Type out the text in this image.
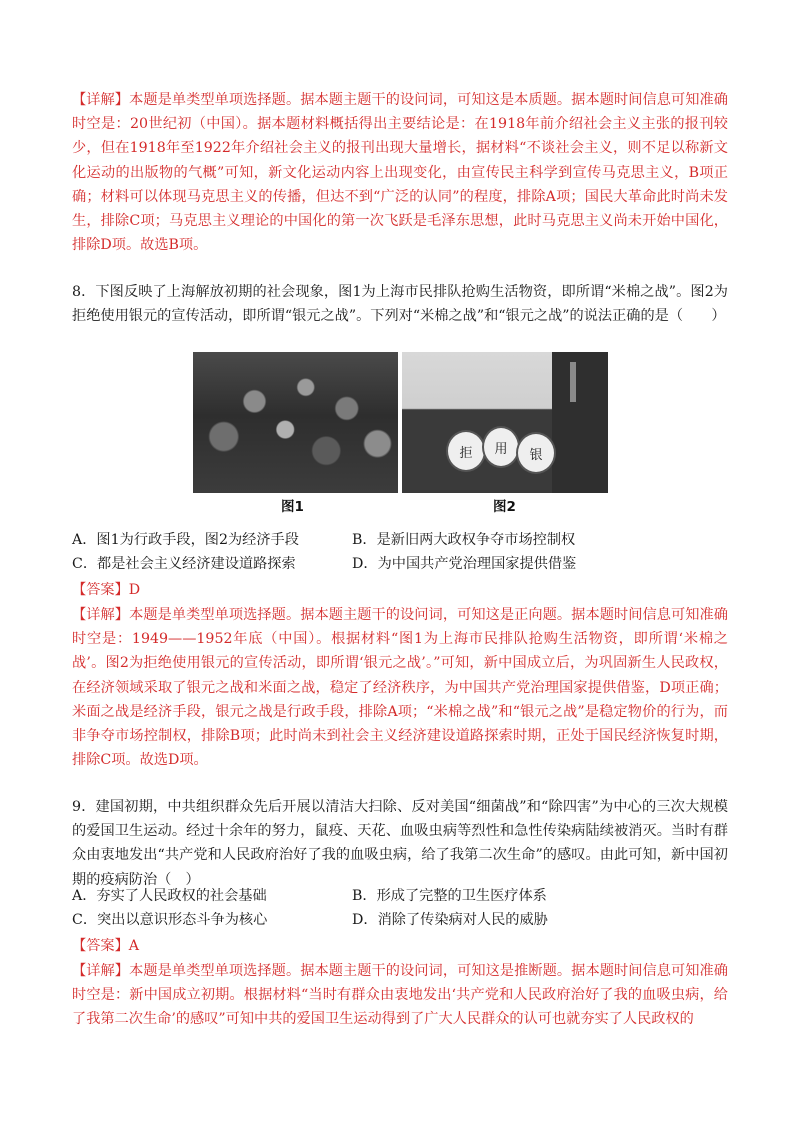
【详解】本题是单类型单项选择题。据本题主题干的设问词，可知这是本质题。据本题时间信息可知准确时空是：20世纪初（中国）。据本题材料概括得出主要结论是：在1918年前介绍社会主义主张的报刊较少，但在1918年至1922年介绍社会主义的报刊出现大量增长，据材料“不谈社会主义，则不足以称新文化运动的出版物的气概”可知，新文化运动内容上出现变化，由宣传民主科学到宣传马克思主义，B项正确；材料可以体现马克思主义的传播，但达不到“广泛的认同”的程度，排除A项；国民大革命此时尚未发生，排除C项；马克思主义理论的中国化的第一次飞跃是毛泽东思想，此时马克思主义尚未开始中国化，排除D项。故选B项。

8．下图反映了上海解放初期的社会现象，图1为上海市民排队抢购生活物资，即所谓“米棉之战”。图2为拒绝使用银元的宣传活动，即所谓“银元之战”。下列对“米棉之战”和“银元之战”的说法正确的是（　　）

拒 用 银
图1	图2
A．图1为行政手段，图2为经济手段	B．是新旧两大政权争夺市场控制权
C．都是社会主义经济建设道路探索	D．为中国共产党治理国家提供借鉴

【答案】D

【详解】本题是单类型单项选择题。据本题主题干的设问词，可知这是正向题。据本题时间信息可知准确时空是：1949——1952年底（中国）。根据材料“图1为上海市民排队抢购生活物资，即所谓‘米棉之战’。图2为拒绝使用银元的宣传活动，即所谓‘银元之战’。”可知，新中国成立后，为巩固新生人民政权，在经济领域采取了银元之战和米面之战，稳定了经济秩序，为中国共产党治理国家提供借鉴，D项正确；米面之战是经济手段，银元之战是行政手段，排除A项；“米棉之战”和“银元之战”是稳定物价的行为，而非争夺市场控制权，排除B项；此时尚未到社会主义经济建设道路探索时期，正处于国民经济恢复时期，排除C项。故选D项。

9．建国初期，中共组织群众先后开展以清洁大扫除、反对美国“细菌战”和“除四害”为中心的三次大规模的爱国卫生运动。经过十余年的努力，鼠疫、天花、血吸虫病等烈性和急性传染病陆续被消灭。当时有群众由衷地发出“共产党和人民政府治好了我的血吸虫病，给了我第二次生命”的感叹。由此可知，新中国初期的疫病防治（　）

A．夯实了人民政权的社会基础	B．形成了完整的卫生医疗体系
C．突出以意识形态斗争为核心	D．消除了传染病对人民的威胁

【答案】A

【详解】本题是单类型单项选择题。据本题主题干的设问词，可知这是推断题。据本题时间信息可知准确时空是：新中国成立初期。根据材料“当时有群众由衷地发出‘共产党和人民政府治好了我的血吸虫病，给了我第二次生命’的感叹”可知中共的爱国卫生运动得到了广大人民群众的认可也就夯实了人民政权的
